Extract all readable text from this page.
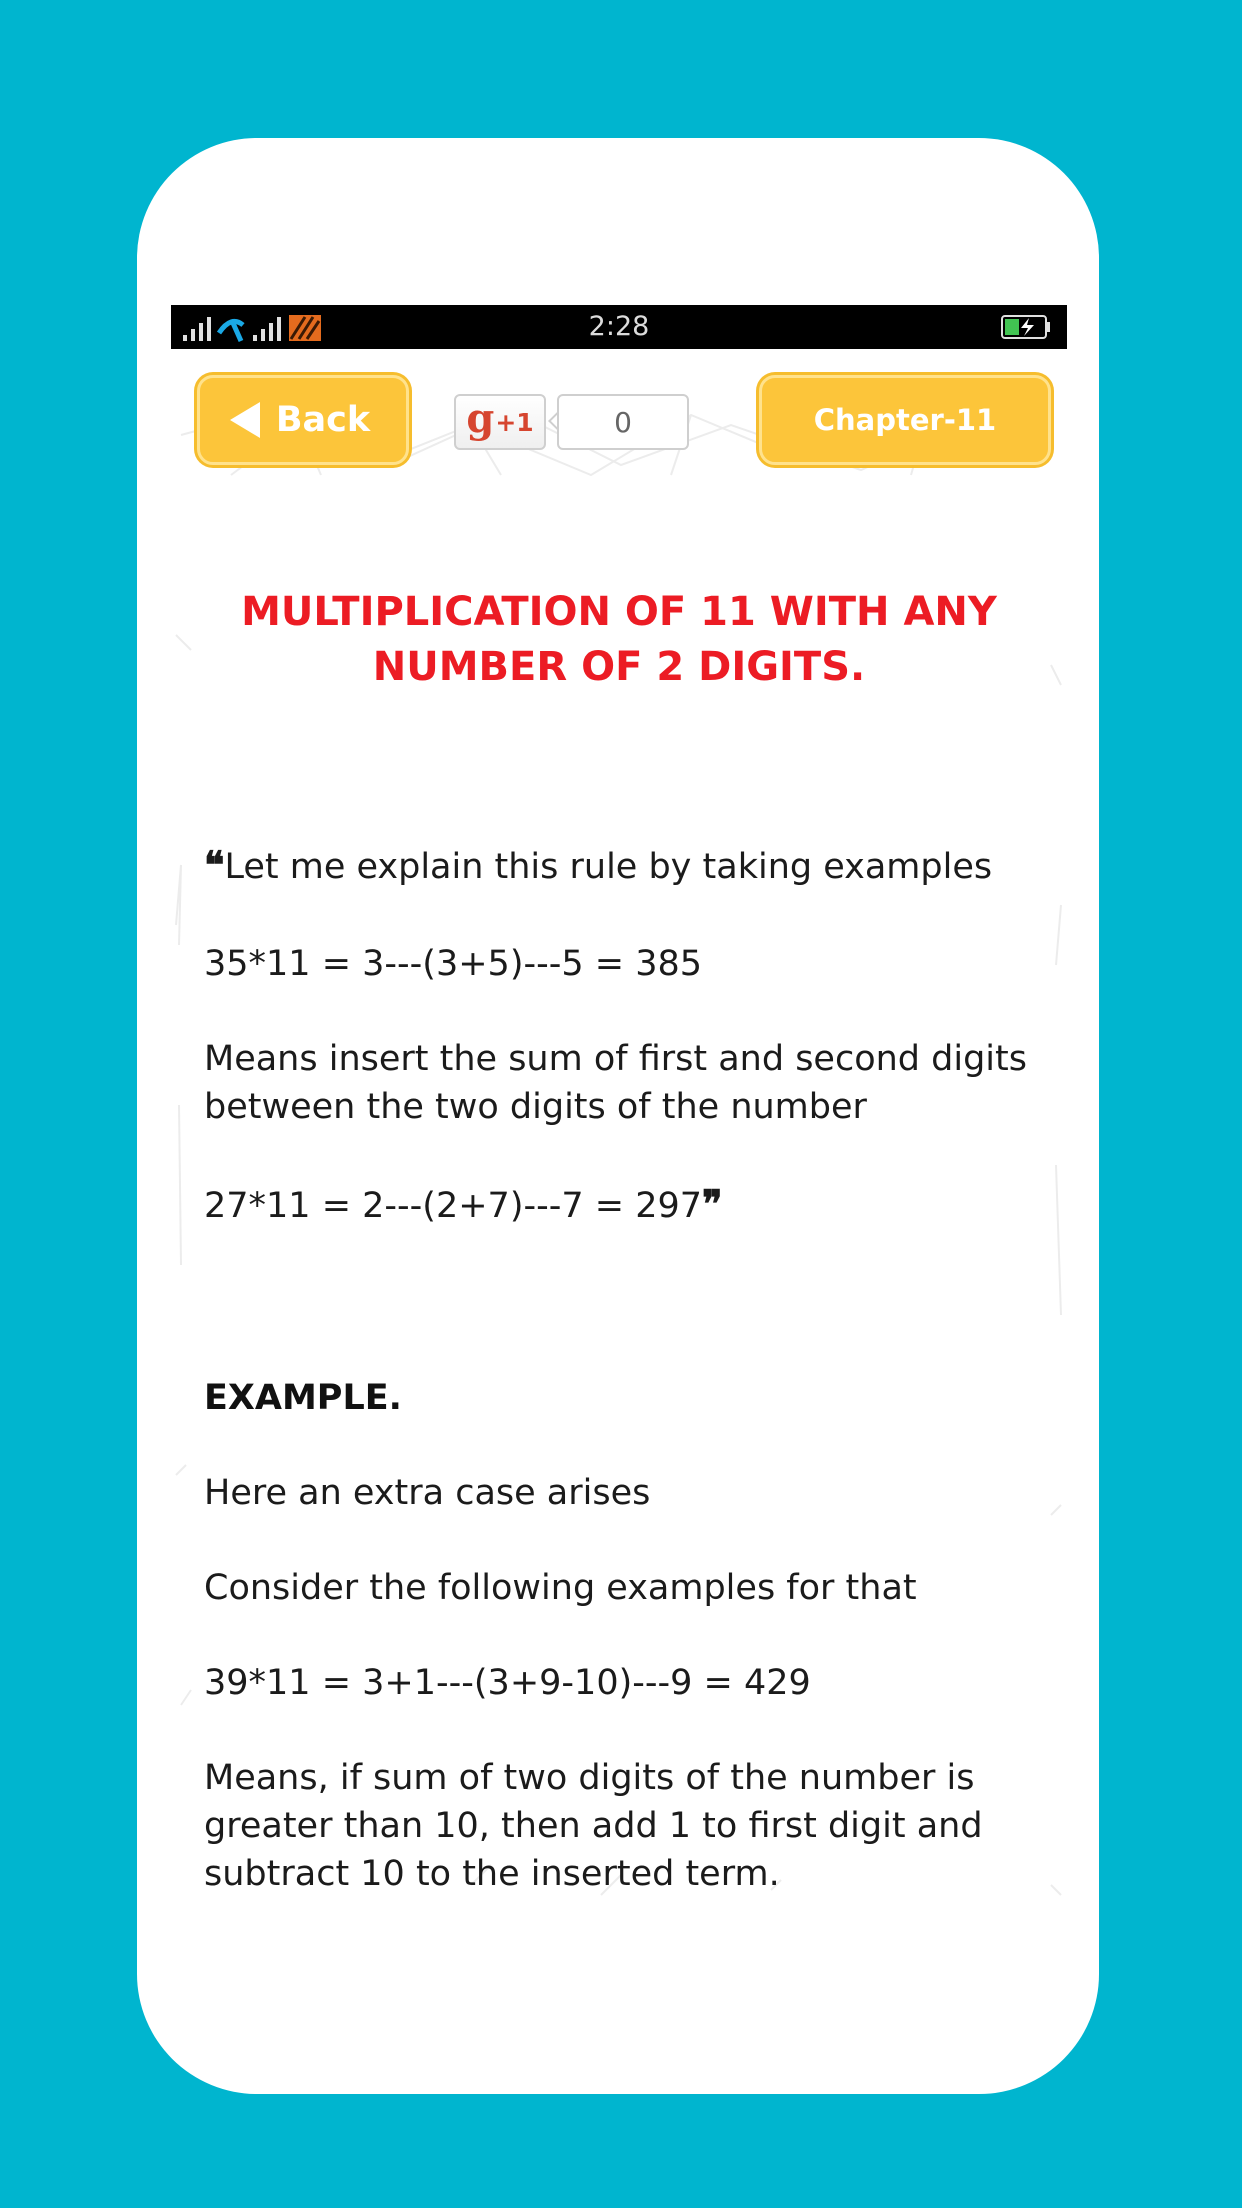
2:28
Back g +1	0	Chapter-11
MULTIPLICATION OF 11 WITH ANY NUMBER OF 2 DIGITS.

❝Let me explain this rule by taking examples

35*11 = 3---(3+5)---5 = 385

Means insert the sum of first and second digits between the two digits of the number

27*11 = 2---(2+7)---7 = 297❞

EXAMPLE.

Here an extra case arises

Consider the following examples for that

39*11 = 3+1---(3+9-10)---9 = 429

Means, if sum of two digits of the number is greater than 10, then add 1 to first digit and subtract 10 to the inserted term.
